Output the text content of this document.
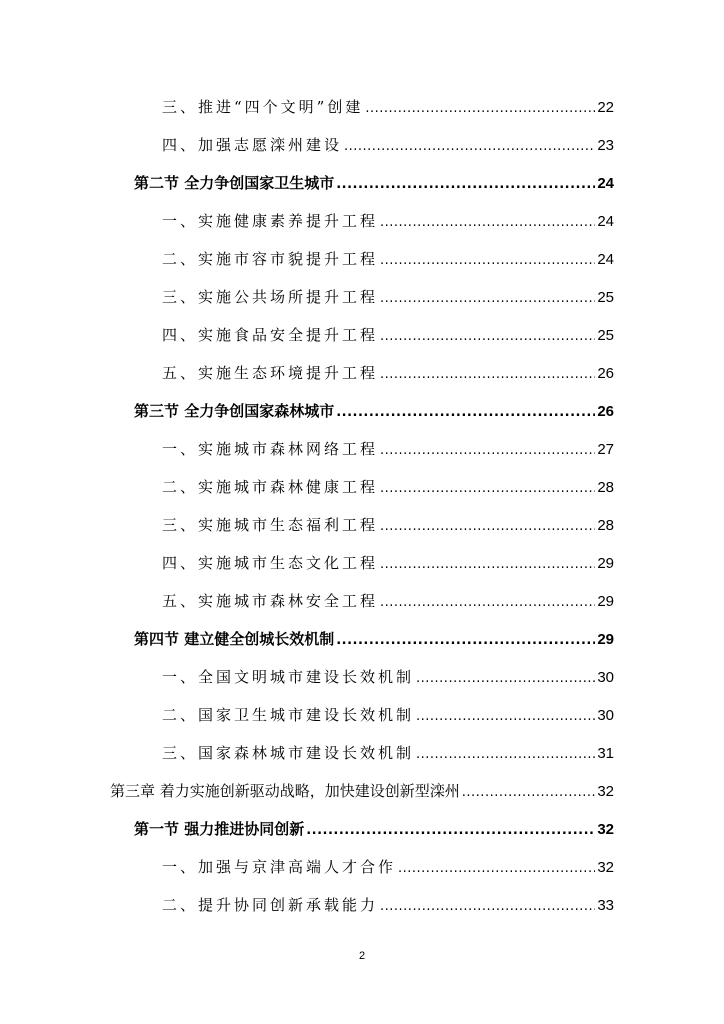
三、推进“四个文明”创建 .....	22
四、加强志愿滦州建设 .....	23
第二节 全力争创国家卫生城市 .....	24
一、实施健康素养提升工程 .....	24
二、实施市容市貌提升工程 .....	24
三、实施公共场所提升工程 .....	25
四、实施食品安全提升工程 .....	25
五、实施生态环境提升工程 .....	26
第三节 全力争创国家森林城市 .....	26
一、实施城市森林网络工程 .....	27
二、实施城市森林健康工程 .....	28
三、实施城市生态福利工程 .....	28
四、实施城市生态文化工程 .....	29
五、实施城市森林安全工程 .....	29
第四节 建立健全创城长效机制 .....	29
一、全国文明城市建设长效机制 .....	30
二、国家卫生城市建设长效机制 .....	30
三、国家森林城市建设长效机制 .....	31
第三章 着力实施创新驱动战略，加快建设创新型滦州 .....	32
第一节 强力推进协同创新 .....	32
一、加强与京津高端人才合作 .....	32
二、提升协同创新承载能力 .....	33
2
